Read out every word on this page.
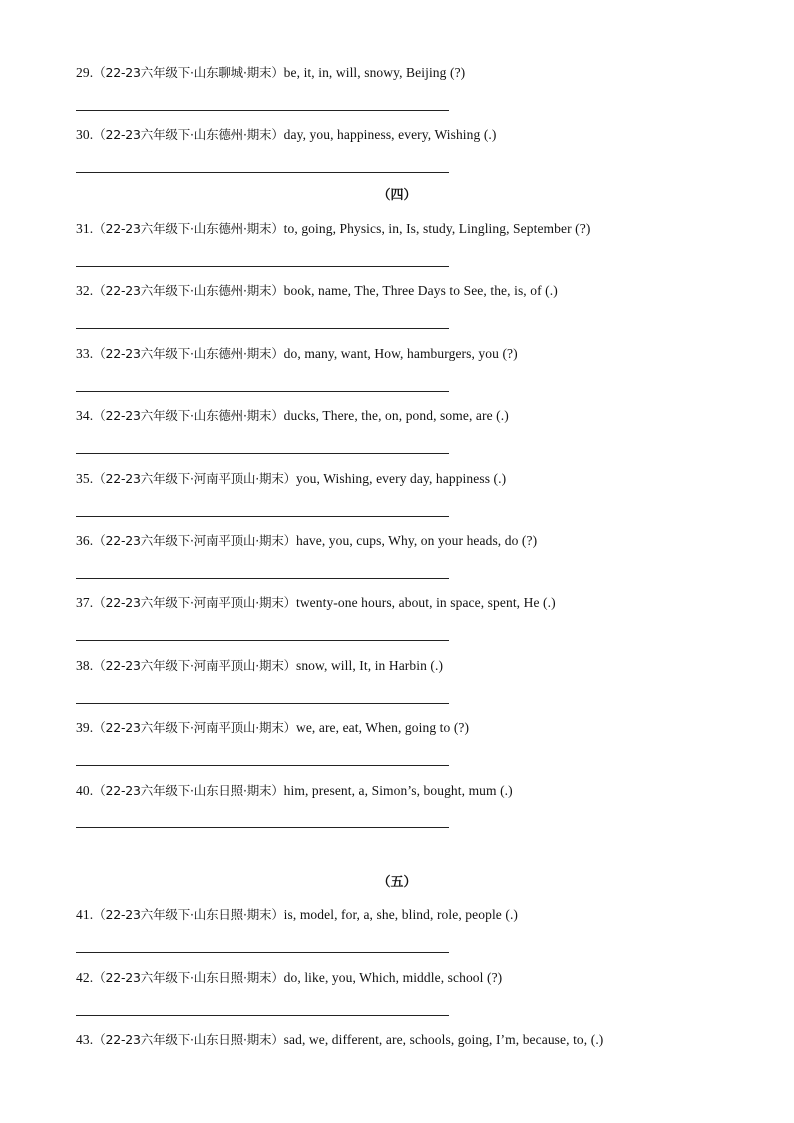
29.（22-23六年级下·山东聊城·期末）be, it, in, will, snowy, Beijing (?)
30.（22-23六年级下·山东德州·期末）day, you, happiness, every, Wishing (.)
（四）
31.（22-23六年级下·山东德州·期末）to, going, Physics, in, Is, study, Lingling, September (?)
32.（22-23六年级下·山东德州·期末）book, name, The, Three Days to See, the, is, of (.)
33.（22-23六年级下·山东德州·期末）do, many, want, How, hamburgers, you (?)
34.（22-23六年级下·山东德州·期末）ducks, There, the, on, pond, some, are (.)
35.（22-23六年级下·河南平顶山·期末）you, Wishing, every day, happiness (.)
36.（22-23六年级下·河南平顶山·期末）have, you, cups, Why, on your heads, do (?)
37.（22-23六年级下·河南平顶山·期末）twenty-one hours, about, in space, spent, He (.)
38.（22-23六年级下·河南平顶山·期末）snow, will, It, in Harbin (.)
39.（22-23六年级下·河南平顶山·期末）we, are, eat, When, going to (?)
40.（22-23六年级下·山东日照·期末）him, present, a, Simon’s, bought, mum (.)
（五）
41.（22-23六年级下·山东日照·期末）is, model, for, a, she, blind, role, people (.)
42.（22-23六年级下·山东日照·期末）do, like, you, Which, middle, school (?)
43.（22-23六年级下·山东日照·期末）sad, we, different, are, schools, going, I’m, because, to, (.)
